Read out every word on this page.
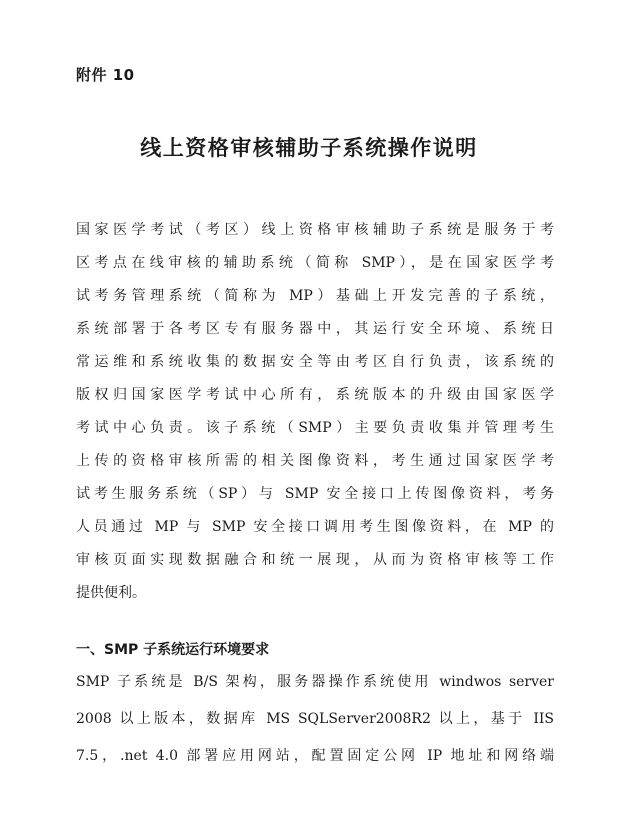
附件 10
线上资格审核辅助子系统操作说明
国家医学考试（考区）线上资格审核辅助子系统是服务于考
区考点在线审核的辅助系统（简称 SMP），是在国家医学考
试考务管理系统（简称为 MP）基础上开发完善的子系统，
系统部署于各考区专有服务器中，其运行安全环境、系统日
常运维和系统收集的数据安全等由考区自行负责，该系统的
版权归国家医学考试中心所有，系统版本的升级由国家医学
考试中心负责。该子系统（SMP）主要负责收集并管理考生
上传的资格审核所需的相关图像资料，考生通过国家医学考
试考生服务系统（SP）与 SMP 安全接口上传图像资料，考务
人员通过 MP 与 SMP 安全接口调用考生图像资料，在 MP 的
审核页面实现数据融合和统一展现，从而为资格审核等工作
提供便利。
一、SMP 子系统运行环境要求
SMP 子系统是 B/S 架构，服务器操作系统使用 windwos server
2008 以上版本，数据库 MS SQLServer2008R2 以上，基于 IIS
7.5，.net 4.0 部署应用网站，配置固定公网 IP 地址和网络端
